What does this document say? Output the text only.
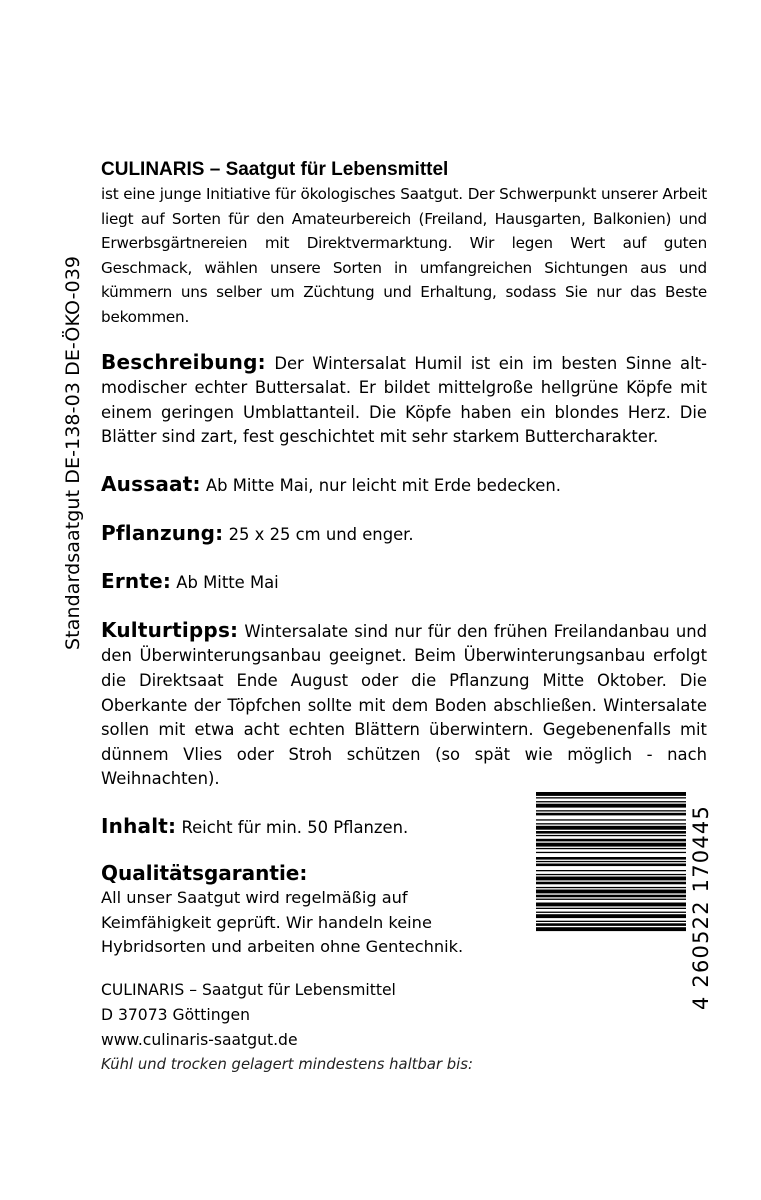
Standardsaatgut DE-138-03 DE-ÖKO-039

CULINARIS – Saatgut für Lebensmittel

ist eine junge Initiative für ökologisches Saatgut. Der Schwerpunkt unserer Arbeit liegt auf Sorten für den Amateurbereich (Freiland, Hausgarten, Balkonien) und Erwerbsgärtnereien mit Direktvermarktung. Wir legen Wert auf guten Geschmack, wählen unsere Sorten in umfangreichen Sichtungen aus und kümmern uns selber um Züchtung und Erhaltung, sodass Sie nur das Beste bekommen.

Beschreibung: Der Wintersalat Humil ist ein im besten Sinne alt-modischer echter Buttersalat. Er bildet mittelgroße hellgrüne Köpfe mit einem geringen Umblattanteil. Die Köpfe haben ein blondes Herz. Die Blätter sind zart, fest geschichtet mit sehr starkem Buttercharakter.

Aussaat: Ab Mitte Mai, nur leicht mit Erde bedecken.

Pflanzung: 25 x 25 cm und enger.

Ernte: Ab Mitte Mai

Kulturtipps: Wintersalate sind nur für den frühen Freilandanbau und den Überwinterungsanbau geeignet. Beim Überwinterungsanbau erfolgt die Direktsaat Ende August oder die Pflanzung Mitte Oktober. Die Oberkante der Töpfchen sollte mit dem Boden abschließen. Wintersalate sollen mit etwa acht echten Blättern überwintern. Gegebenenfalls mit dünnem Vlies oder Stroh schützen (so spät wie möglich - nach Weihnachten).

Inhalt: Reicht für min. 50 Pflanzen.

Qualitätsgarantie:

All unser Saatgut wird regelmäßig auf Keimfähigkeit geprüft. Wir handeln keine Hybridsorten und arbeiten ohne Gentechnik.

CULINARIS – Saatgut für Lebensmittel

D 37073 Göttingen

www.culinaris-saatgut.de

Kühl und trocken gelagert mindestens haltbar bis:

4 260522 170445
